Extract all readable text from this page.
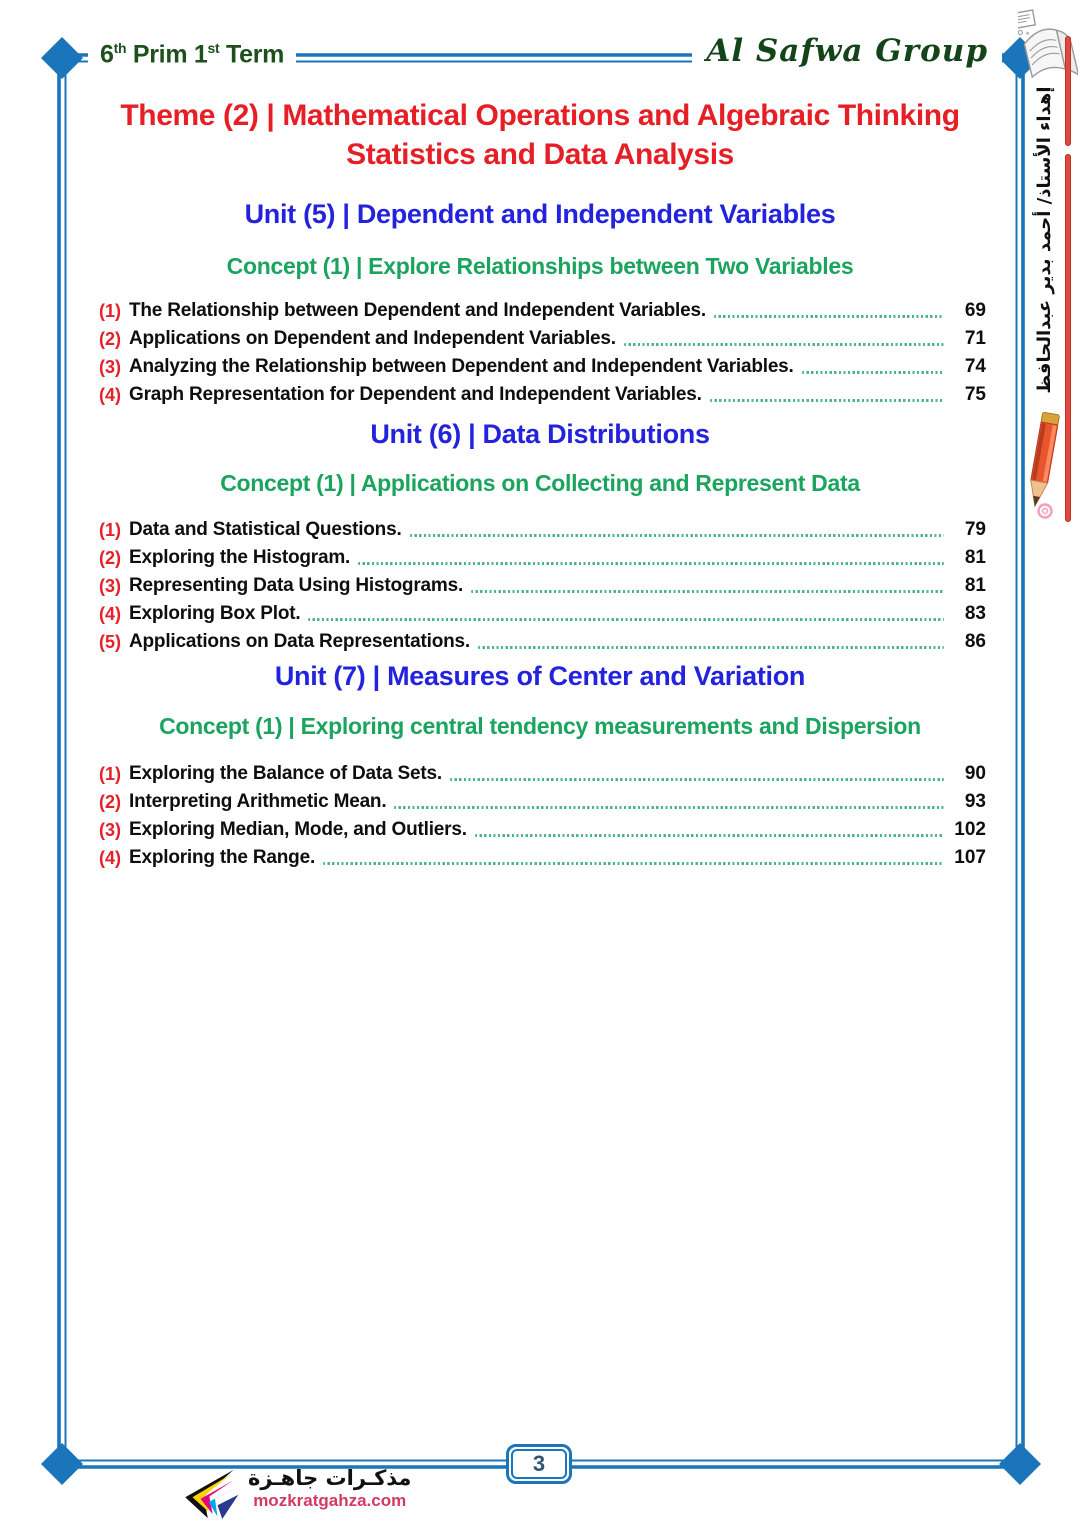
6th Prim 1st Term	Al Safwa Group
Theme (2) | Mathematical Operations and Algebraic Thinking
Statistics and Data Analysis
Unit (5) | Dependent and Independent Variables
Concept (1) | Explore Relationships between Two Variables
(1) The Relationship between Dependent and Independent Variables.	69
(2) Applications on Dependent and Independent Variables.	71
(3) Analyzing the Relationship between Dependent and Independent Variables.	74
(4) Graph Representation for Dependent and Independent Variables.	75
Unit (6) | Data Distributions
Concept (1) | Applications on Collecting and Represent Data
(1) Data and Statistical Questions.	79
(2) Exploring the Histogram.	81
(3) Representing Data Using Histograms.	81
(4) Exploring Box Plot.	83
(5) Applications on Data Representations.	86
Unit (7) | Measures of Center and Variation
Concept (1) | Exploring central tendency measurements and Dispersion
(1) Exploring the Balance of Data Sets.	90
(2) Interpreting Arithmetic Mean.	93
(3) Exploring Median, Mode, and Outliers.	102
(4) Exploring the Range.	107
إهداء الأستاذ/ أحمد بدير عبدالحافظ
3
مذكـرات جاهـزة
mozkratgahza.com
